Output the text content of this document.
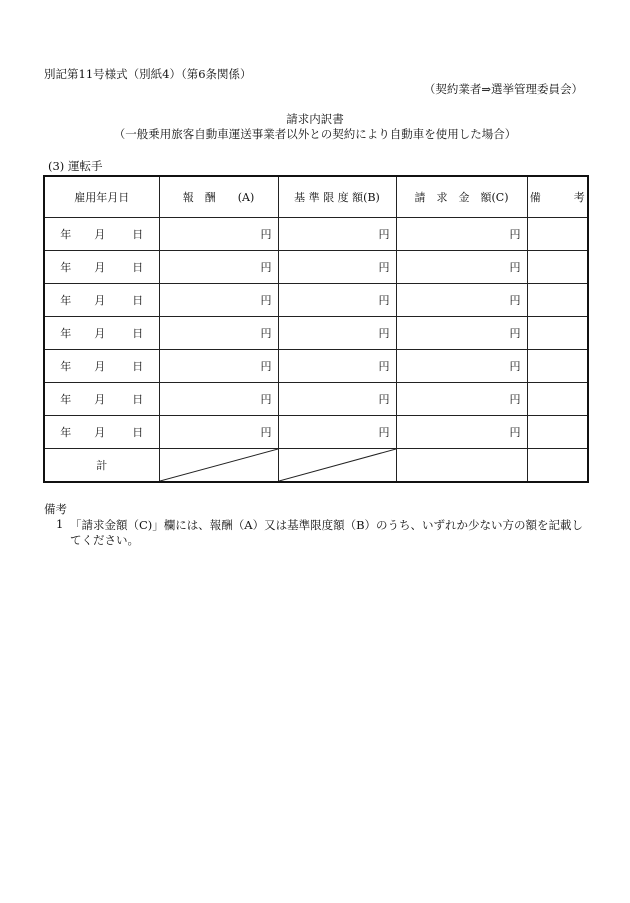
別記第11号様式（別紙4）（第6条関係）
（契約業者⇒選挙管理委員会）
請求内訳書
（一般乗用旅客自動車運送事業者以外との契約により自動車を使用した場合）
(3) 運転手
雇用年月日	報　酬　　(A)	基 準 限 度 額(B)	請　求　金　額(C)	備　　　考
年 月 日	円	円	円	
年 月 日	円	円	円	
年 月 日	円	円	円	
年 月 日	円	円	円	
年 月 日	円	円	円	
年 月 日	円	円	円	
年 月 日	円	円	円	
計	

備考
1 「請求金額（C)」欄には、報酬（A）又は基準限度額（B）のうち、いずれか少ない方の額を記載し
てください。
